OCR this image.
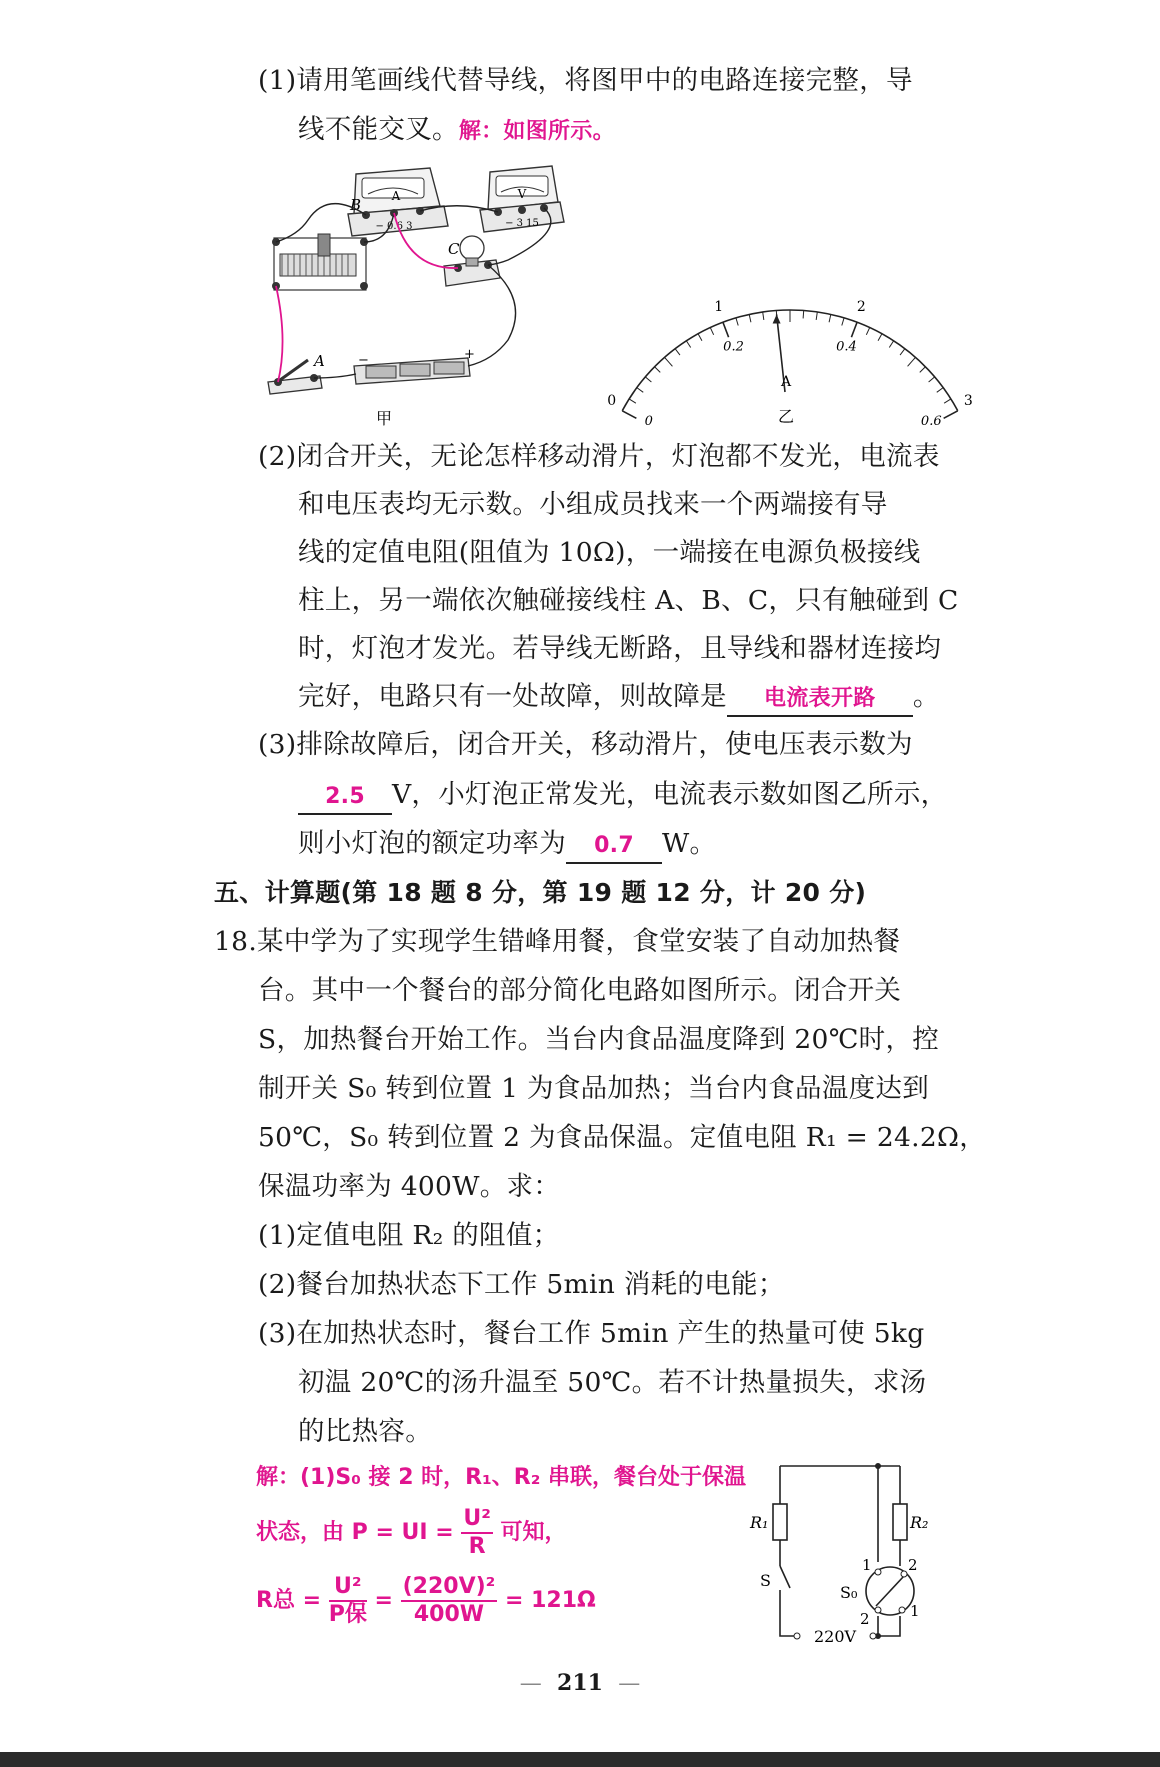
(1)请用笔画线代替导线，将图甲中的电路连接完整，导
线不能交叉。解：如图所示。
A
− 0.6 3
V
− 3 15
B
C
A	−	+
甲
0
1	2
3
0
0.2	0.4
0.6
A
乙
(2)闭合开关，无论怎样移动滑片，灯泡都不发光，电流表
和电压表均无示数。小组成员找来一个两端接有导
线的定值电阻(阻值为 10Ω)，一端接在电源负极接线
柱上，另一端依次触碰接线柱 A、B、C，只有触碰到 C
时，灯泡才发光。若导线无断路，且导线和器材连接均
完好，电路只有一处故障，则故障是 电流表开路 。
(3)排除故障后，闭合开关，移动滑片，使电压表示数为
2.5 V，小灯泡正常发光，电流表示数如图乙所示，
则小灯泡的额定功率为 0.7 W。
五、计算题(第 18 题 8 分，第 19 题 12 分，计 20 分)
18.某中学为了实现学生错峰用餐，食堂安装了自动加热餐
台。其中一个餐台的部分简化电路如图所示。闭合开关
S，加热餐台开始工作。当台内食品温度降到 20℃时，控
制开关 S₀ 转到位置 1 为食品加热；当台内食品温度达到
50℃，S₀ 转到位置 2 为食品保温。定值电阻 R₁ = 24.2Ω，
保温功率为 400W。求：
(1)定值电阻 R₂ 的阻值；
(2)餐台加热状态下工作 5min 消耗的电能；
(3)在加热状态时，餐台工作 5min 产生的热量可使 5kg
初温 20℃的汤升温至 50℃。若不计热量损失，求汤
的比热容。
解：(1)S₀ 接 2 时，R₁、R₂ 串联，餐台处于保温
状态，由 P = UI = $\frac{\text{U²}}{R}$ 可知，
R总 = $\frac{\text{U²}}{\text{P保}} = \frac{\text{(220V)²}}{400W} = 121\Omega$
R₁	R₂
S
S₀
1 2
2	1
220V
— 211 —
